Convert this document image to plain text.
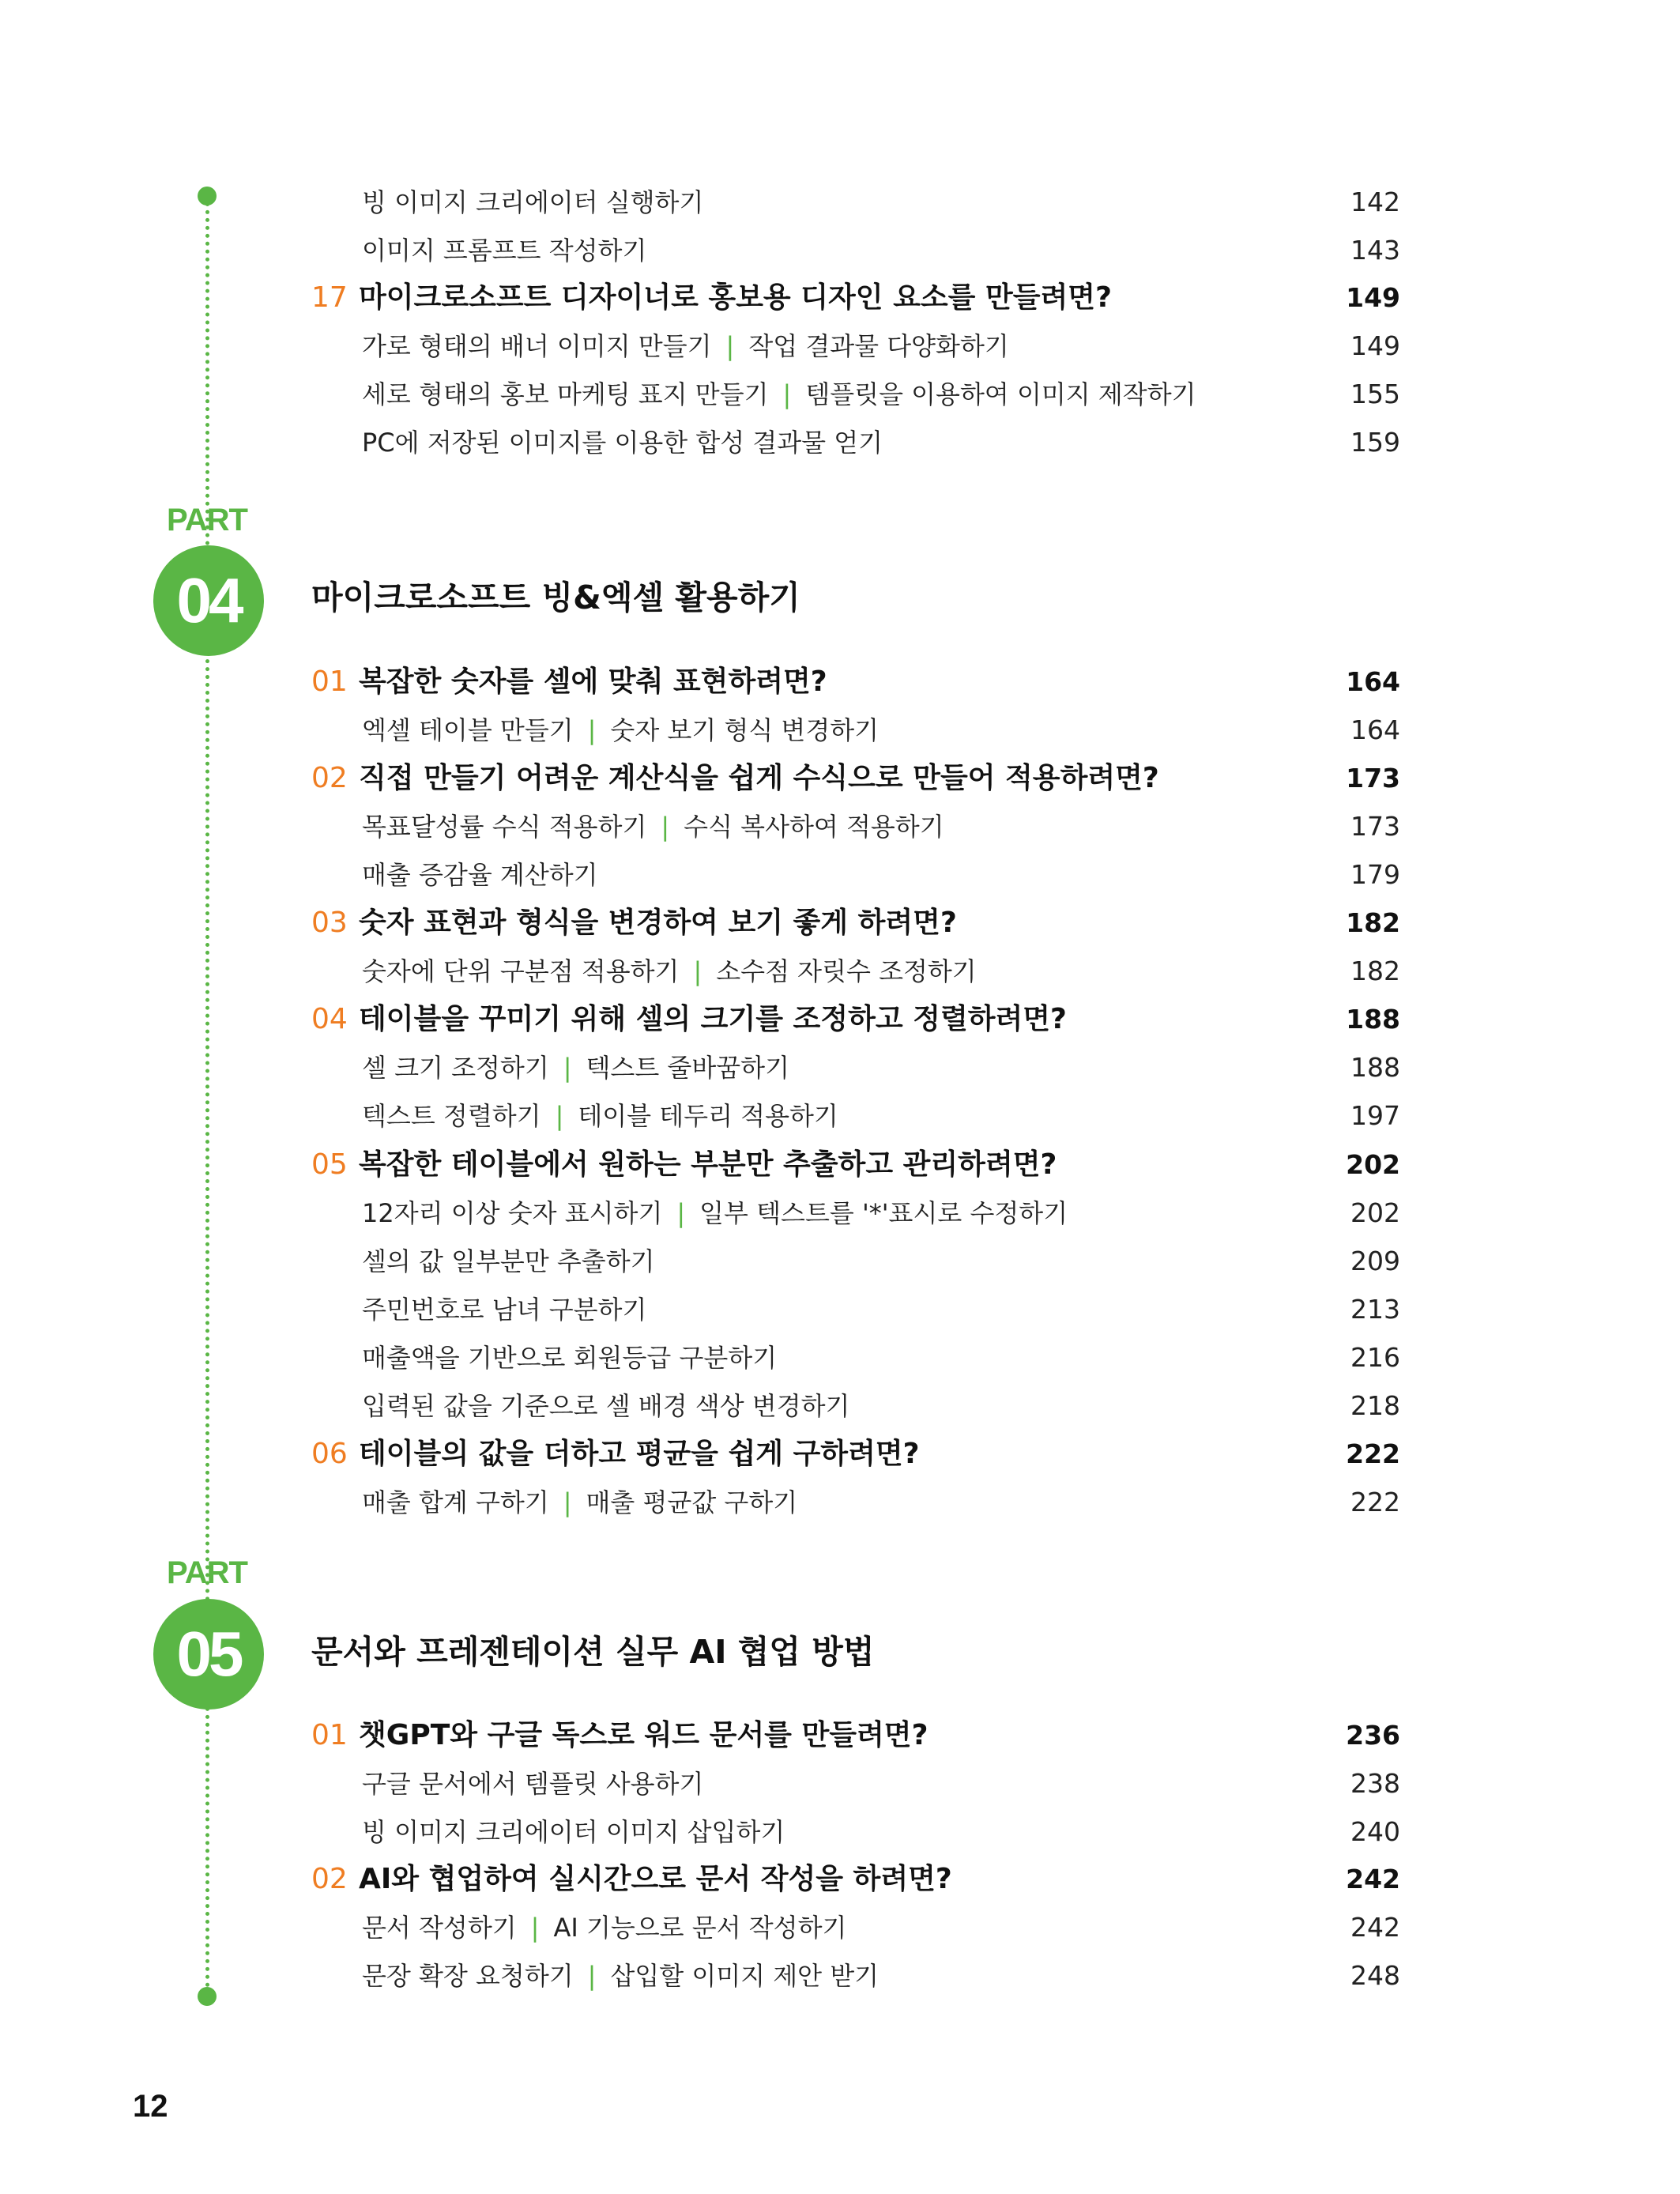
빙 이미지 크리에이터 실행하기	142
이미지 프롬프트 작성하기	143
17 마이크로소프트 디자이너로 홍보용 디자인 요소를 만들려면?	149
가로 형태의 배너 이미지 만들기 | 작업 결과물 다양화하기	149
세로 형태의 홍보 마케팅 표지 만들기 | 템플릿을 이용하여 이미지 제작하기	155
PC에 저장된 이미지를 이용한 합성 결과물 얻기	159
PART
04	마이크로소프트 빙&엑셀 활용하기
01 복잡한 숫자를 셀에 맞춰 표현하려면?	164
엑셀 테이블 만들기 | 숫자 보기 형식 변경하기	164
02 직접 만들기 어려운 계산식을 쉽게 수식으로 만들어 적용하려면?	173
목표달성률 수식 적용하기 | 수식 복사하여 적용하기	173
매출 증감율 계산하기	179
03 숫자 표현과 형식을 변경하여 보기 좋게 하려면?	182
숫자에 단위 구분점 적용하기 | 소수점 자릿수 조정하기	182
04 테이블을 꾸미기 위해 셀의 크기를 조정하고 정렬하려면?	188
셀 크기 조정하기 | 텍스트 줄바꿈하기	188
텍스트 정렬하기 | 테이블 테두리 적용하기	197
05 복잡한 테이블에서 원하는 부분만 추출하고 관리하려면?	202
12자리 이상 숫자 표시하기 | 일부 텍스트를 '*'표시로 수정하기	202
셀의 값 일부분만 추출하기	209
주민번호로 남녀 구분하기	213
매출액을 기반으로 회원등급 구분하기	216
입력된 값을 기준으로 셀 배경 색상 변경하기	218
06 테이블의 값을 더하고 평균을 쉽게 구하려면?	222
매출 합계 구하기 | 매출 평균값 구하기	222
PART
05	문서와 프레젠테이션 실무 AI 협업 방법
01 챗GPT와 구글 독스로 워드 문서를 만들려면?	236
구글 문서에서 템플릿 사용하기	238
빙 이미지 크리에이터 이미지 삽입하기	240
02 AI와 협업하여 실시간으로 문서 작성을 하려면?	242
문서 작성하기 | AI 기능으로 문서 작성하기	242
문장 확장 요청하기 | 삽입할 이미지 제안 받기	248
12
